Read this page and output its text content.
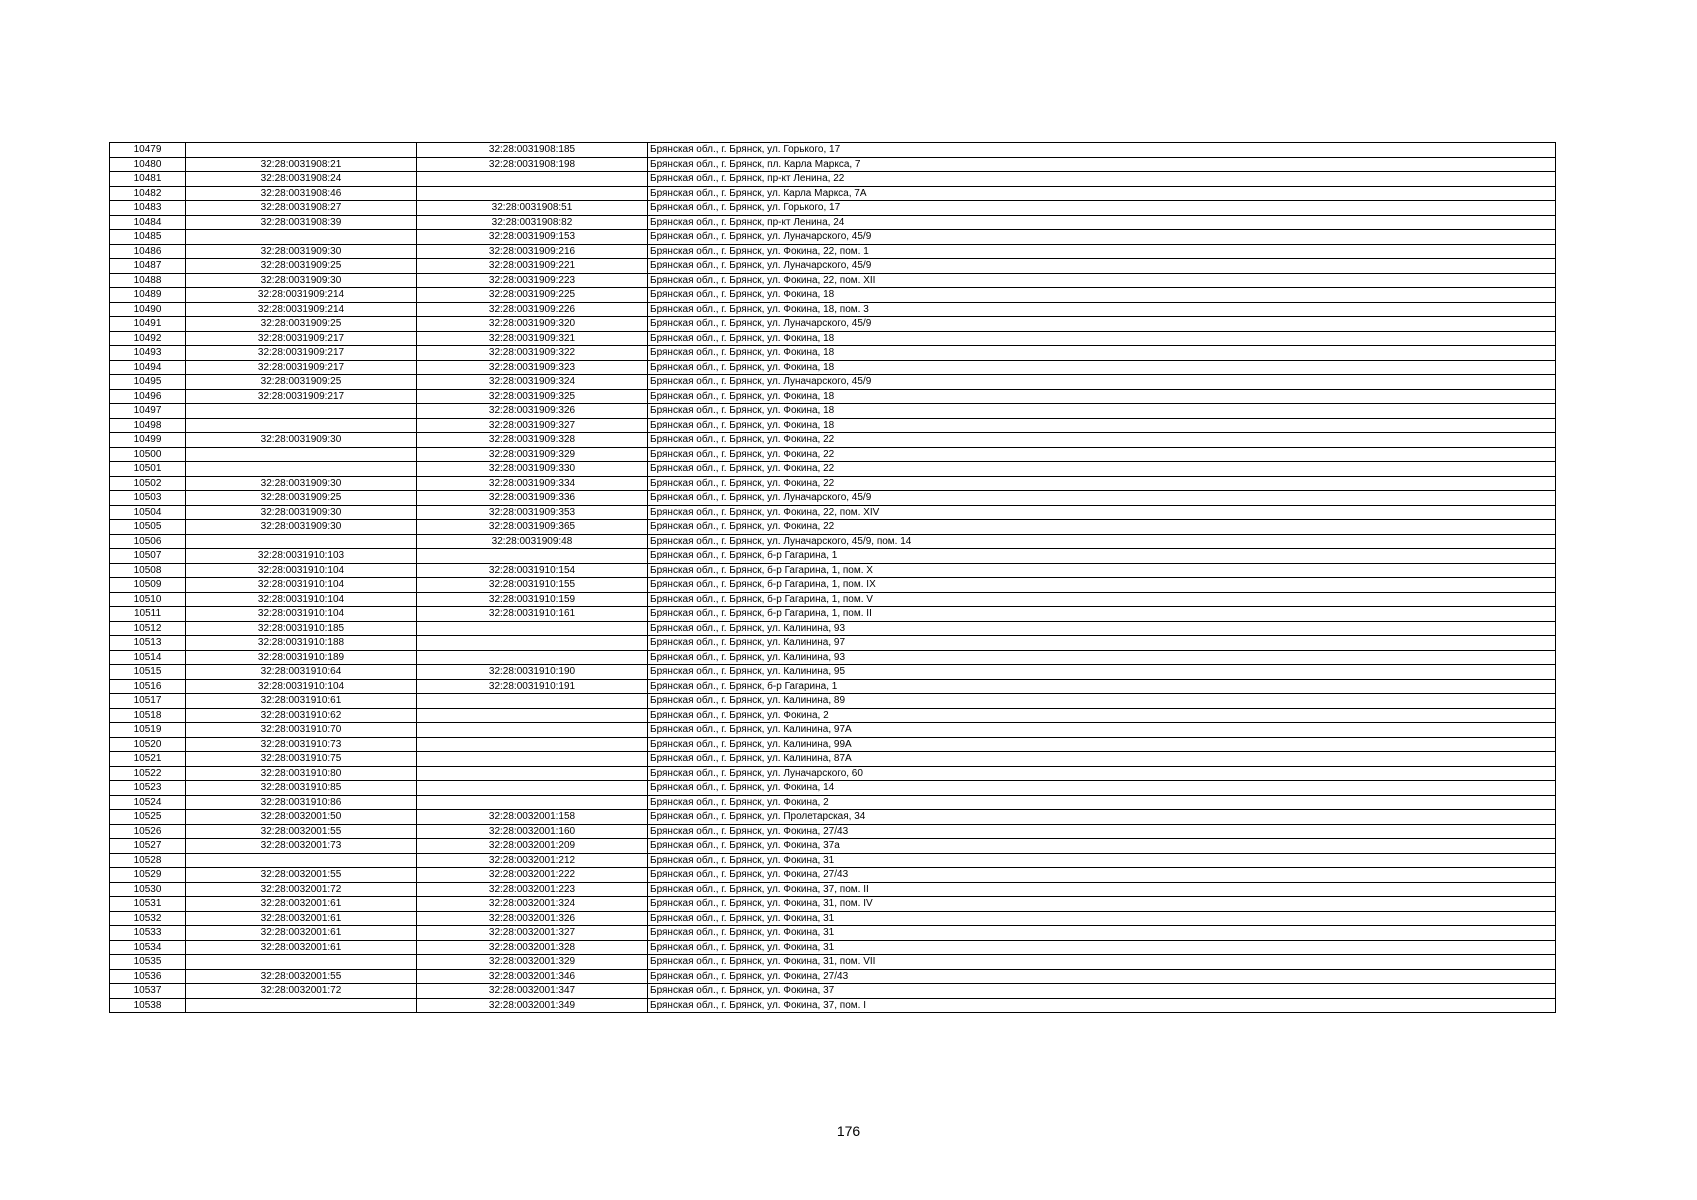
10479		32:28:0031908:185	Брянская обл., г. Брянск, ул. Горького, 17
10480	32:28:0031908:21	32:28:0031908:198	Брянская обл., г. Брянск, пл. Карла Маркса, 7
10481	32:28:0031908:24		Брянская обл., г. Брянск, пр-кт Ленина, 22
10482	32:28:0031908:46		Брянская обл., г. Брянск, ул. Карла Маркса, 7А
10483	32:28:0031908:27	32:28:0031908:51	Брянская обл., г. Брянск, ул. Горького, 17
10484	32:28:0031908:39	32:28:0031908:82	Брянская обл., г. Брянск, пр-кт Ленина, 24
10485		32:28:0031909:153	Брянская обл., г. Брянск, ул. Луначарского, 45/9
10486	32:28:0031909:30	32:28:0031909:216	Брянская обл., г. Брянск, ул. Фокина, 22, пом. 1
10487	32:28:0031909:25	32:28:0031909:221	Брянская обл., г. Брянск, ул. Луначарского, 45/9
10488	32:28:0031909:30	32:28:0031909:223	Брянская обл., г. Брянск, ул. Фокина, 22, пом. XII
10489	32:28:0031909:214	32:28:0031909:225	Брянская обл., г. Брянск, ул. Фокина, 18
10490	32:28:0031909:214	32:28:0031909:226	Брянская обл., г. Брянск, ул. Фокина, 18, пом. 3
10491	32:28:0031909:25	32:28:0031909:320	Брянская обл., г. Брянск, ул. Луначарского, 45/9
10492	32:28:0031909:217	32:28:0031909:321	Брянская обл., г. Брянск, ул. Фокина, 18
10493	32:28:0031909:217	32:28:0031909:322	Брянская обл., г. Брянск, ул. Фокина, 18
10494	32:28:0031909:217	32:28:0031909:323	Брянская обл., г. Брянск, ул. Фокина, 18
10495	32:28:0031909:25	32:28:0031909:324	Брянская обл., г. Брянск, ул. Луначарского, 45/9
10496	32:28:0031909:217	32:28:0031909:325	Брянская обл., г. Брянск, ул. Фокина, 18
10497		32:28:0031909:326	Брянская обл., г. Брянск, ул. Фокина, 18
10498		32:28:0031909:327	Брянская обл., г. Брянск, ул. Фокина, 18
10499	32:28:0031909:30	32:28:0031909:328	Брянская обл., г. Брянск, ул. Фокина, 22
10500		32:28:0031909:329	Брянская обл., г. Брянск, ул. Фокина, 22
10501		32:28:0031909:330	Брянская обл., г. Брянск, ул. Фокина, 22
10502	32:28:0031909:30	32:28:0031909:334	Брянская обл., г. Брянск, ул. Фокина, 22
10503	32:28:0031909:25	32:28:0031909:336	Брянская обл., г. Брянск, ул. Луначарского, 45/9
10504	32:28:0031909:30	32:28:0031909:353	Брянская обл., г. Брянск, ул. Фокина, 22, пом. XIV
10505	32:28:0031909:30	32:28:0031909:365	Брянская обл., г. Брянск, ул. Фокина, 22
10506		32:28:0031909:48	Брянская обл., г. Брянск, ул. Луначарского, 45/9, пом. 14
10507	32:28:0031910:103		Брянская обл., г. Брянск, б-р Гагарина, 1
10508	32:28:0031910:104	32:28:0031910:154	Брянская обл., г. Брянск, б-р Гагарина, 1, пом. X
10509	32:28:0031910:104	32:28:0031910:155	Брянская обл., г. Брянск, б-р Гагарина, 1, пом. IX
10510	32:28:0031910:104	32:28:0031910:159	Брянская обл., г. Брянск, б-р Гагарина, 1, пом. V
10511	32:28:0031910:104	32:28:0031910:161	Брянская обл., г. Брянск, б-р Гагарина, 1, пом. II
10512	32:28:0031910:185		Брянская обл., г. Брянск, ул. Калинина, 93
10513	32:28:0031910:188		Брянская обл., г. Брянск, ул. Калинина, 97
10514	32:28:0031910:189		Брянская обл., г. Брянск, ул. Калинина, 93
10515	32:28:0031910:64	32:28:0031910:190	Брянская обл., г. Брянск, ул. Калинина, 95
10516	32:28:0031910:104	32:28:0031910:191	Брянская обл., г. Брянск, б-р Гагарина, 1
10517	32:28:0031910:61		Брянская обл., г. Брянск, ул. Калинина, 89
10518	32:28:0031910:62		Брянская обл., г. Брянск, ул. Фокина, 2
10519	32:28:0031910:70		Брянская обл., г. Брянск, ул. Калинина, 97А
10520	32:28:0031910:73		Брянская обл., г. Брянск, ул. Калинина, 99А
10521	32:28:0031910:75		Брянская обл., г. Брянск, ул. Калинина, 87А
10522	32:28:0031910:80		Брянская обл., г. Брянск, ул. Луначарского, 60
10523	32:28:0031910:85		Брянская обл., г. Брянск, ул. Фокина, 14
10524	32:28:0031910:86		Брянская обл., г. Брянск, ул. Фокина, 2
10525	32:28:0032001:50	32:28:0032001:158	Брянская обл., г. Брянск, ул. Пролетарская, 34
10526	32:28:0032001:55	32:28:0032001:160	Брянская обл., г. Брянск, ул. Фокина, 27/43
10527	32:28:0032001:73	32:28:0032001:209	Брянская обл., г. Брянск, ул. Фокина, 37а
10528		32:28:0032001:212	Брянская обл., г. Брянск, ул. Фокина, 31
10529	32:28:0032001:55	32:28:0032001:222	Брянская обл., г. Брянск, ул. Фокина, 27/43
10530	32:28:0032001:72	32:28:0032001:223	Брянская обл., г. Брянск, ул. Фокина, 37, пом. II
10531	32:28:0032001:61	32:28:0032001:324	Брянская обл., г. Брянск, ул. Фокина, 31, пом. IV
10532	32:28:0032001:61	32:28:0032001:326	Брянская обл., г. Брянск, ул. Фокина, 31
10533	32:28:0032001:61	32:28:0032001:327	Брянская обл., г. Брянск, ул. Фокина, 31
10534	32:28:0032001:61	32:28:0032001:328	Брянская обл., г. Брянск, ул. Фокина, 31
10535		32:28:0032001:329	Брянская обл., г. Брянск, ул. Фокина, 31, пом. VII
10536	32:28:0032001:55	32:28:0032001:346	Брянская обл., г. Брянск, ул. Фокина, 27/43
10537	32:28:0032001:72	32:28:0032001:347	Брянская обл., г. Брянск, ул. Фокина, 37
10538		32:28:0032001:349	Брянская обл., г. Брянск, ул. Фокина, 37, пом. I
176
